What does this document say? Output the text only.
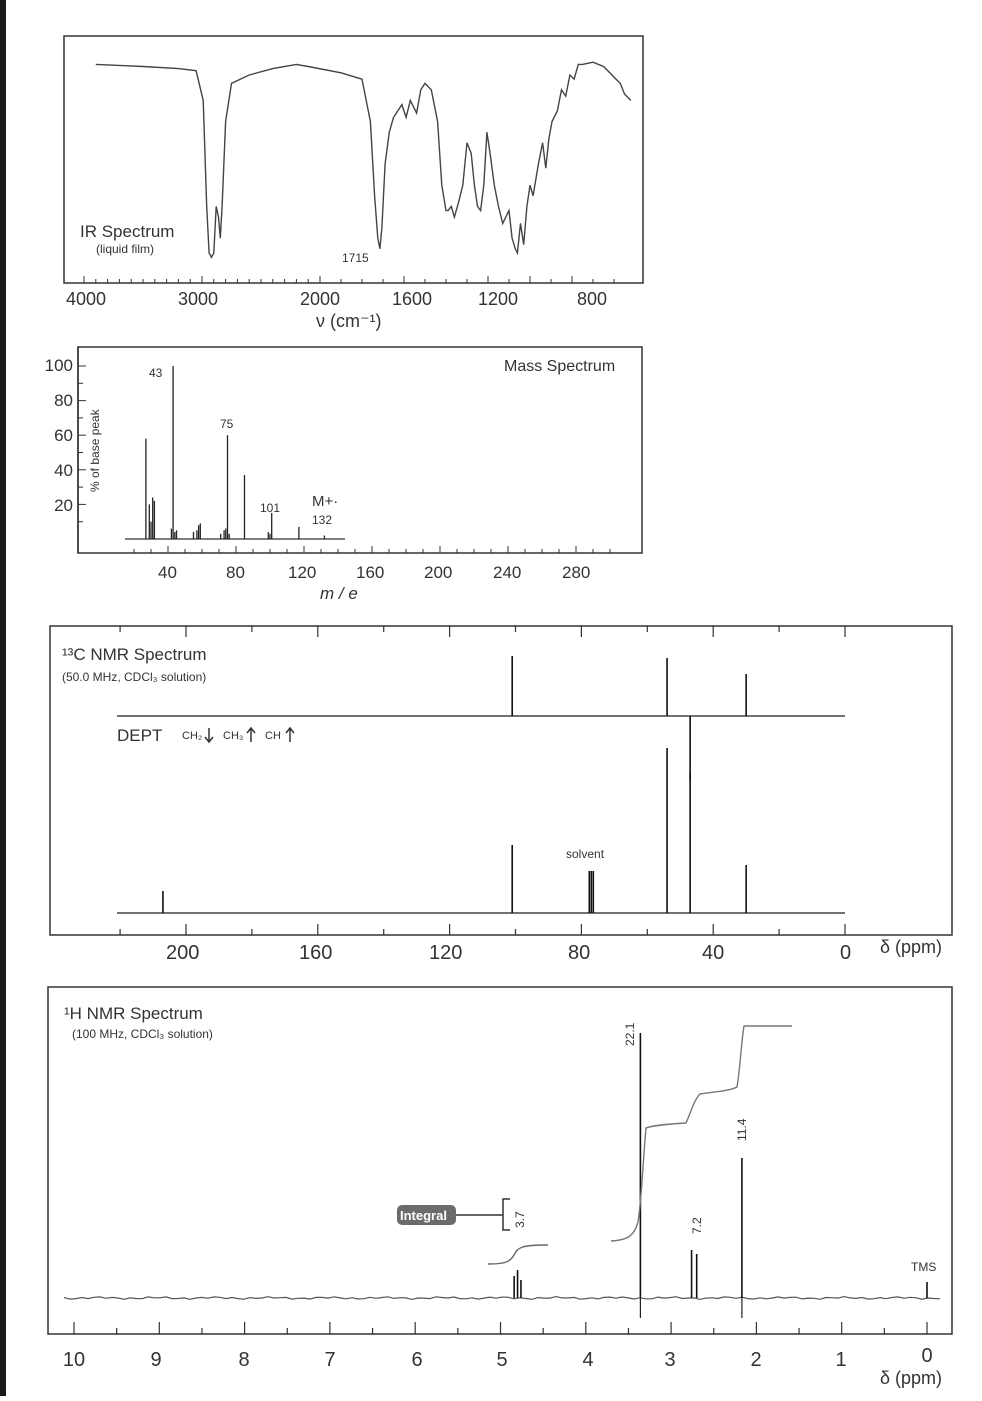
IR Spectrum
(liquid film)
1715
4000	3000	2000	1600	1200	800
ν (cm⁻¹)
100
80
60
40
20
% of base peak
Mass Spectrum
43
75
101 M+·
132
40	80	120 160 200 240 280
m / e
¹³C NMR Spectrum
(50.0 MHz, CDCl₃ solution)
DEPT CH₂ CH₃ CH
solvent
200	160	120	80	40	0 δ (ppm)
Integral	3.7
22.1
7.2
11.4
TMS
¹H NMR Spectrum
(100 MHz, CDCl₃ solution)
10	9	8	7	6	5	4	3	2	1	0
δ (ppm)
